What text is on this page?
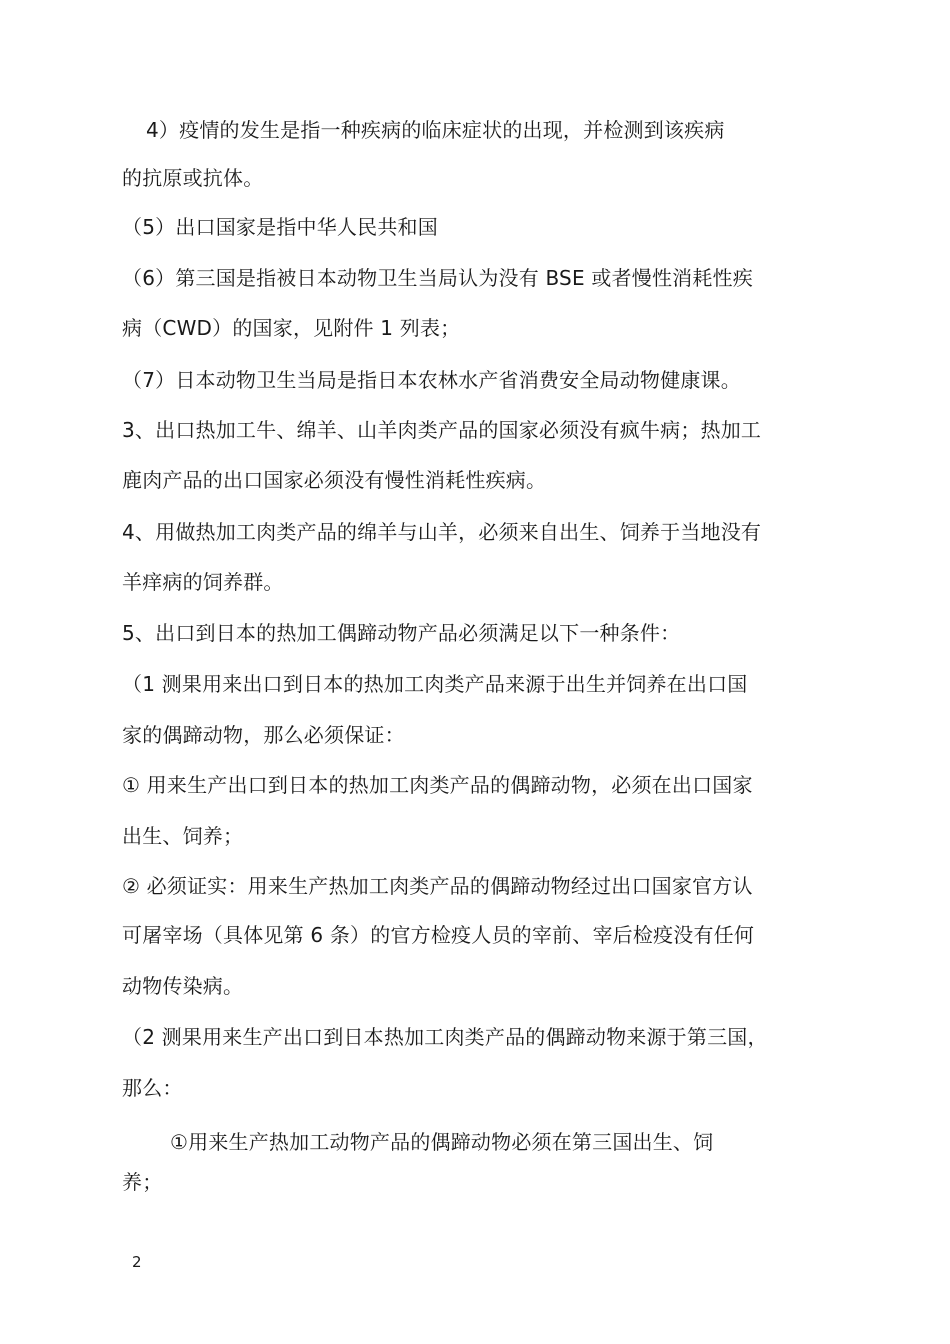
4）疫情的发生是指一种疾病的临床症状的出现，并检测到该疾病

的抗原或抗体。

（5）出口国家是指中华人民共和国

（6）第三国是指被日本动物卫生当局认为没有 BSE 或者慢性消耗性疾

病（CWD）的国家，见附件 1 列表；

（7）日本动物卫生当局是指日本农林水产省消费安全局动物健康课。

3、出口热加工牛、绵羊、山羊肉类产品的国家必须没有疯牛病；热加工

鹿肉产品的出口国家必须没有慢性消耗性疾病。

4、用做热加工肉类产品的绵羊与山羊，必须来自出生、饲养于当地没有

羊痒病的饲养群。

5、出口到日本的热加工偶蹄动物产品必须满足以下一种条件：

（1 测果用来出口到日本的热加工肉类产品来源于出生并饲养在出口国

家的偶蹄动物，那么必须保证：

① 用来生产出口到日本的热加工肉类产品的偶蹄动物，必须在出口国家

出生、饲养；

② 必须证实：用来生产热加工肉类产品的偶蹄动物经过出口国家官方认

可屠宰场（具体见第 6 条）的官方检疫人员的宰前、宰后检疫没有任何

动物传染病。

（2 测果用来生产出口到日本热加工肉类产品的偶蹄动物来源于第三国，

那么：

①用来生产热加工动物产品的偶蹄动物必须在第三国出生、饲

养；

2
